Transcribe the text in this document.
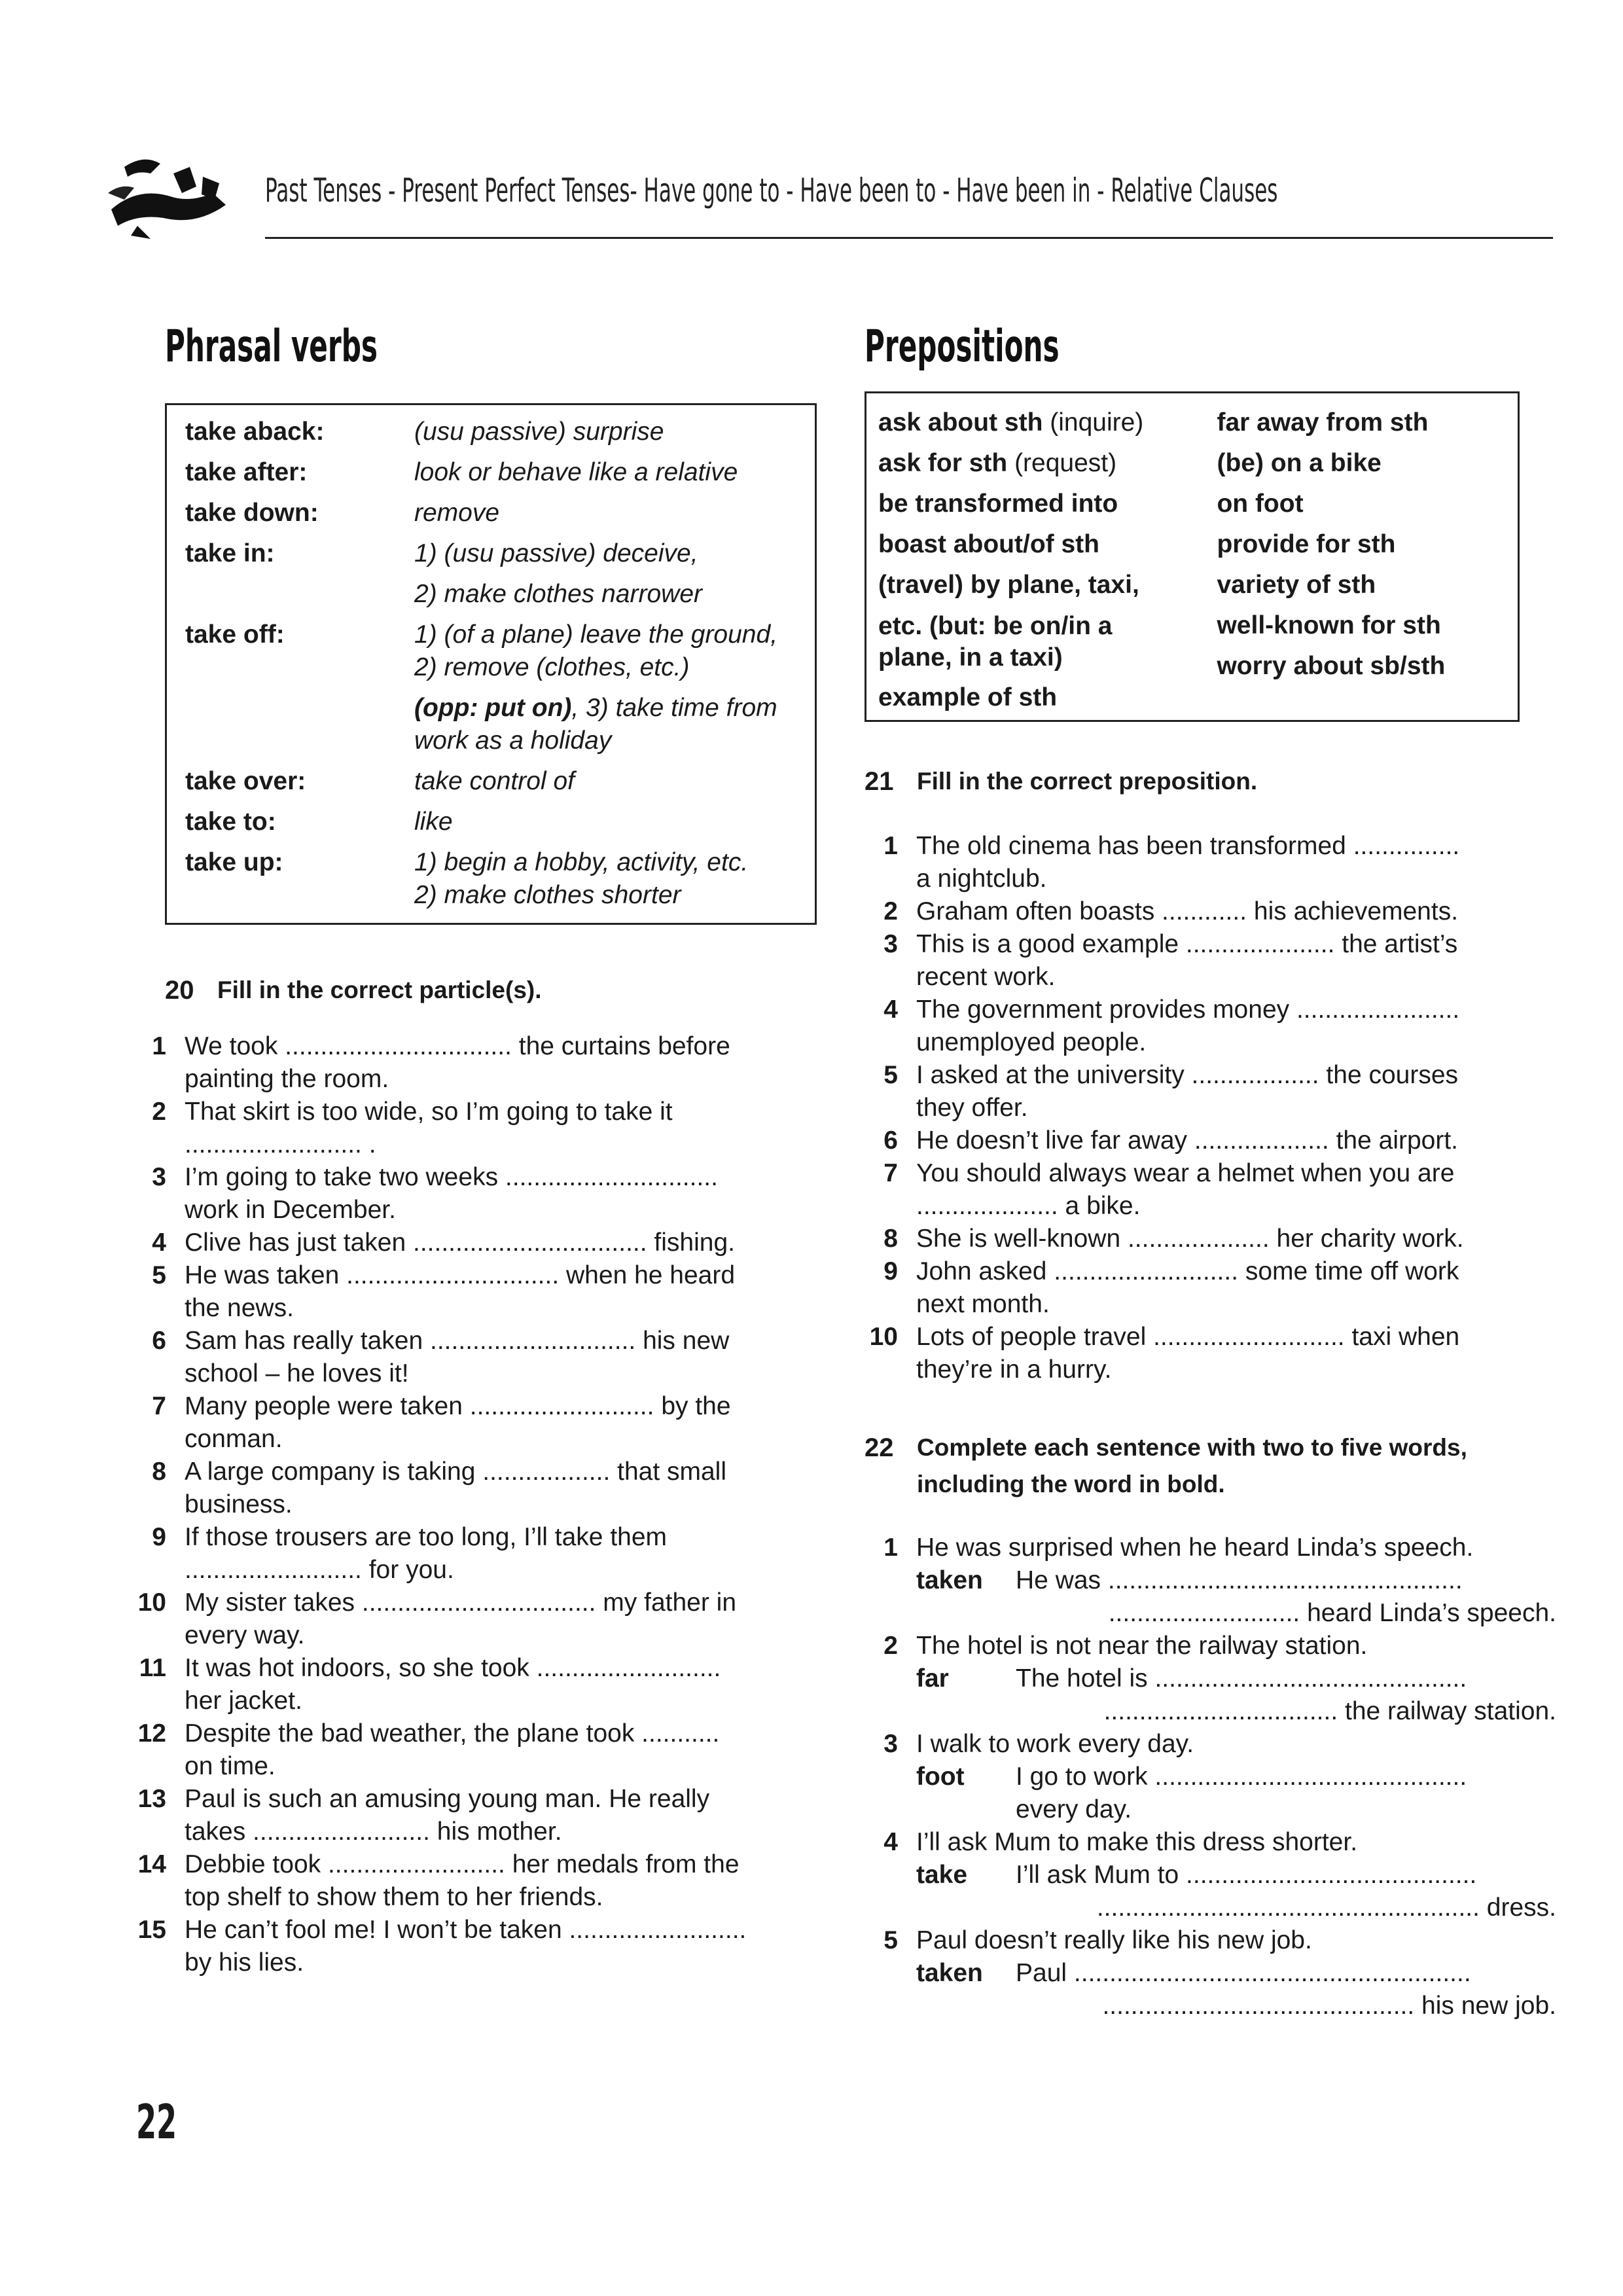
Past Tenses - Present Perfect Tenses- Have gone to - Have been to - Have been in - Relative Clauses
Phrasal verbs
take aback:	(usu passive) surprise
take after:	look or behave like a relative
take down:	remove
take in:	1) (usu passive) deceive,
2) make clothes narrower
take off:	1) (of a plane) leave the ground,
2) remove (clothes, etc.)
(opp: put on), 3) take time from
work as a holiday
take over:	take control of
take to:	like
take up:	1) begin a hobby, activity, etc.
2) make clothes shorter
Prepositions
ask about sth (inquire)
ask for sth (request)
be transformed into
boast about/of sth
(travel) by plane, taxi,
etc. (but: be on/in a
plane, in a taxi)
example of sth
far away from sth
(be) on a bike
on foot
provide for sth
variety of sth
well-known for sth
worry about sb/sth
20 Fill in the correct particle(s).
1 We took ................................ the curtains before
painting the room.
2 That skirt is too wide, so I’m going to take it
......................... .
3 I’m going to take two weeks ..............................
work in December.
4 Clive has just taken ................................. fishing.
5 He was taken .............................. when he heard
the news.
6 Sam has really taken ............................. his new
school – he loves it!
7 Many people were taken .......................... by the
conman.
8 A large company is taking .................. that small
business.
9 If those trousers are too long, I’ll take them
......................... for you.
10 My sister takes ................................. my father in
every way.
11 It was hot indoors, so she took ..........................
her jacket.
12 Despite the bad weather, the plane took ...........
on time.
13 Paul is such an amusing young man. He really
takes ......................... his mother.
14 Debbie took ......................... her medals from the
top shelf to show them to her friends.
15 He can’t fool me! I won’t be taken .........................
by his lies.
21 Fill in the correct preposition.
1 The old cinema has been transformed ...............
a nightclub.
2 Graham often boasts ............ his achievements.
3 This is a good example ..................... the artist’s
recent work.
4 The government provides money .......................
unemployed people.
5 I asked at the university .................. the courses
they offer.
6 He doesn’t live far away ................... the airport.
7 You should always wear a helmet when you are
.................... a bike.
8 She is well-known .................... her charity work.
9 John asked .......................... some time off work
next month.
10 Lots of people travel ........................... taxi when
they’re in a hurry.
22 Complete each sentence with two to five words,
including the word in bold.
1 He was surprised when he heard Linda’s speech.
taken	He was ..................................................
........................... heard Linda’s speech.
2 The hotel is not near the railway station.
far	The hotel is ............................................
................................. the railway station.
3 I walk to work every day.
foot	I go to work ............................................
every day.
4 I’ll ask Mum to make this dress shorter.
take	I’ll ask Mum to .........................................
...................................................... dress.
5 Paul doesn’t really like his new job.
taken	Paul ........................................................
............................................ his new job.
22
